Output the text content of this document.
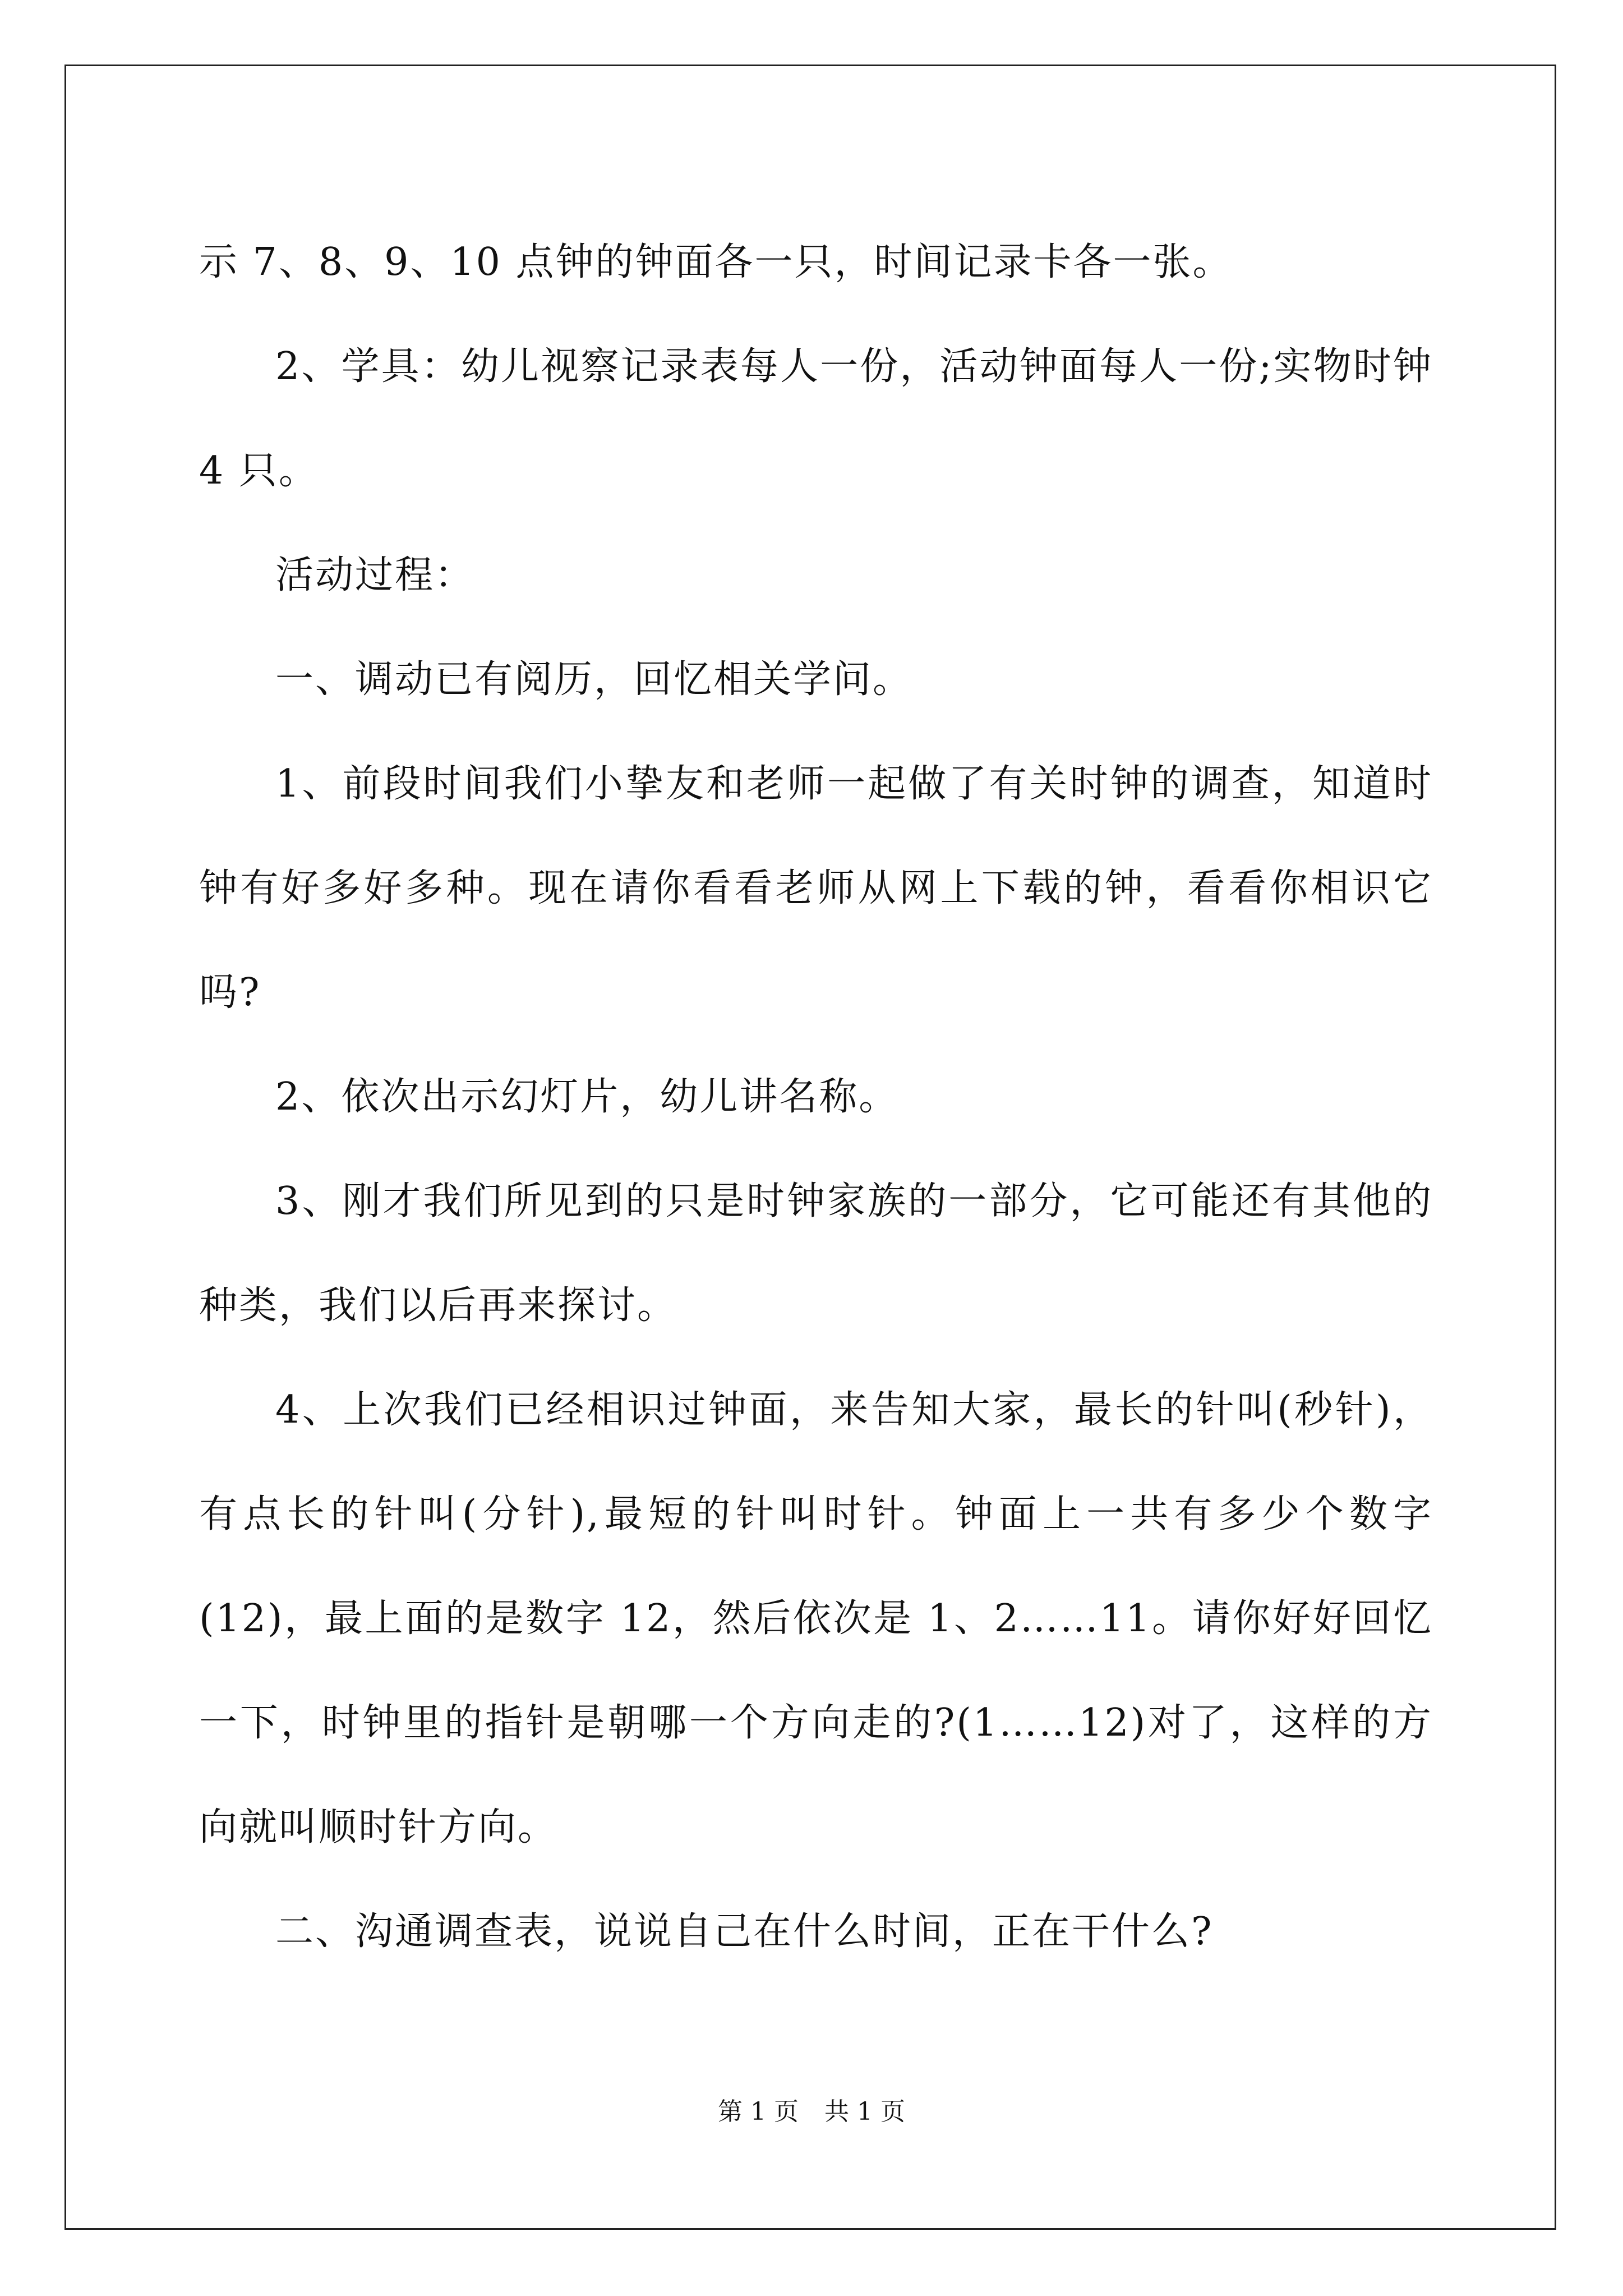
示 7、8、9、10 点钟的钟面各一只，时间记录卡各一张。

2、学具：幼儿视察记录表每人一份，活动钟面每人一份;实物时钟 4 只。

活动过程：

一、调动已有阅历，回忆相关学问。

1、前段时间我们小挚友和老师一起做了有关时钟的调查，知道时钟有好多好多种。现在请你看看老师从网上下载的钟，看看你相识它吗?

2、依次出示幻灯片，幼儿讲名称。

3、刚才我们所见到的只是时钟家族的一部分，它可能还有其他的种类，我们以后再来探讨。

4、上次我们已经相识过钟面，来告知大家，最长的针叫(秒针)，有点长的针叫(分针),最短的针叫时针。钟面上一共有多少个数字(12)，最上面的是数字 12，然后依次是 1、2……11。请你好好回忆一下，时钟里的指针是朝哪一个方向走的?(1……12)对了，这样的方向就叫顺时针方向。

二、沟通调查表，说说自己在什么时间，正在干什么?

第 1 页 共 1 页
